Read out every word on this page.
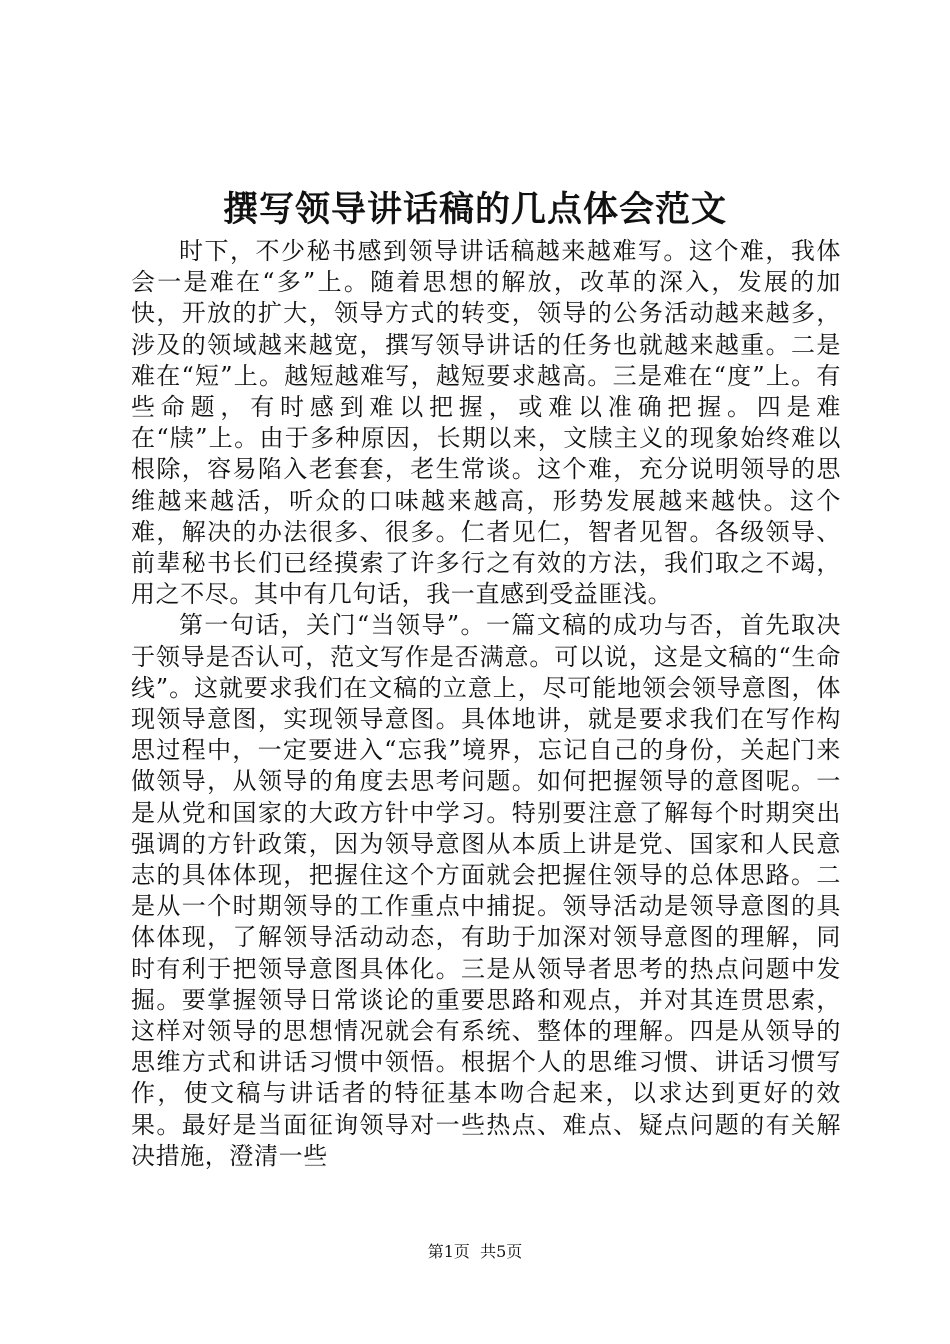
撰写领导讲话稿的几点体会范文

时下，不少秘书感到领导讲话稿越来越难写。这个难，我体会一是难在“多”上。随着思想的解放，改革的深入，发展的加快，开放的扩大，领导方式的转变，领导的公务活动越来越多，涉及的领域越来越宽，撰写领导讲话的任务也就越来越重。二是难在“短”上。越短越难写，越短要求越高。三是难在“度”上。有些命题，有时感到难以把握，或难以准确把握。四是难在“牍”上。由于多种原因，长期以来，文牍主义的现象始终难以根除，容易陷入老套套，老生常谈。这个难，充分说明领导的思维越来越活，听众的口味越来越高，形势发展越来越快。这个难，解决的办法很多、很多。仁者见仁，智者见智。各级领导、前辈秘书长们已经摸索了许多行之有效的方法，我们取之不竭，用之不尽。其中有几句话，我一直感到受益匪浅。

第一句话，关门“当领导”。一篇文稿的成功与否，首先取决于领导是否认可，范文写作是否满意。可以说，这是文稿的“生命线”。这就要求我们在文稿的立意上，尽可能地领会领导意图，体现领导意图，实现领导意图。具体地讲，就是要求我们在写作构思过程中，一定要进入“忘我”境界，忘记自己的身份，关起门来做领导，从领导的角度去思考问题。如何把握领导的意图呢。一是从党和国家的大政方针中学习。特别要注意了解每个时期突出强调的方针政策，因为领导意图从本质上讲是党、国家和人民意志的具体体现，把握住这个方面就会把握住领导的总体思路。二是从一个时期领导的工作重点中捕捉。领导活动是领导意图的具体体现，了解领导活动动态，有助于加深对领导意图的理解，同时有利于把领导意图具体化。三是从领导者思考的热点问题中发掘。要掌握领导日常谈论的重要思路和观点，并对其连贯思索，这样对领导的思想情况就会有系统、整体的理解。四是从领导的思维方式和讲话习惯中领悟。根据个人的思维习惯、讲话习惯写作，使文稿与讲话者的特征基本吻合起来，以求达到更好的效果。最好是当面征询领导对一些热点、难点、疑点问题的有关解决措施，澄清一些

第1页 共5页
